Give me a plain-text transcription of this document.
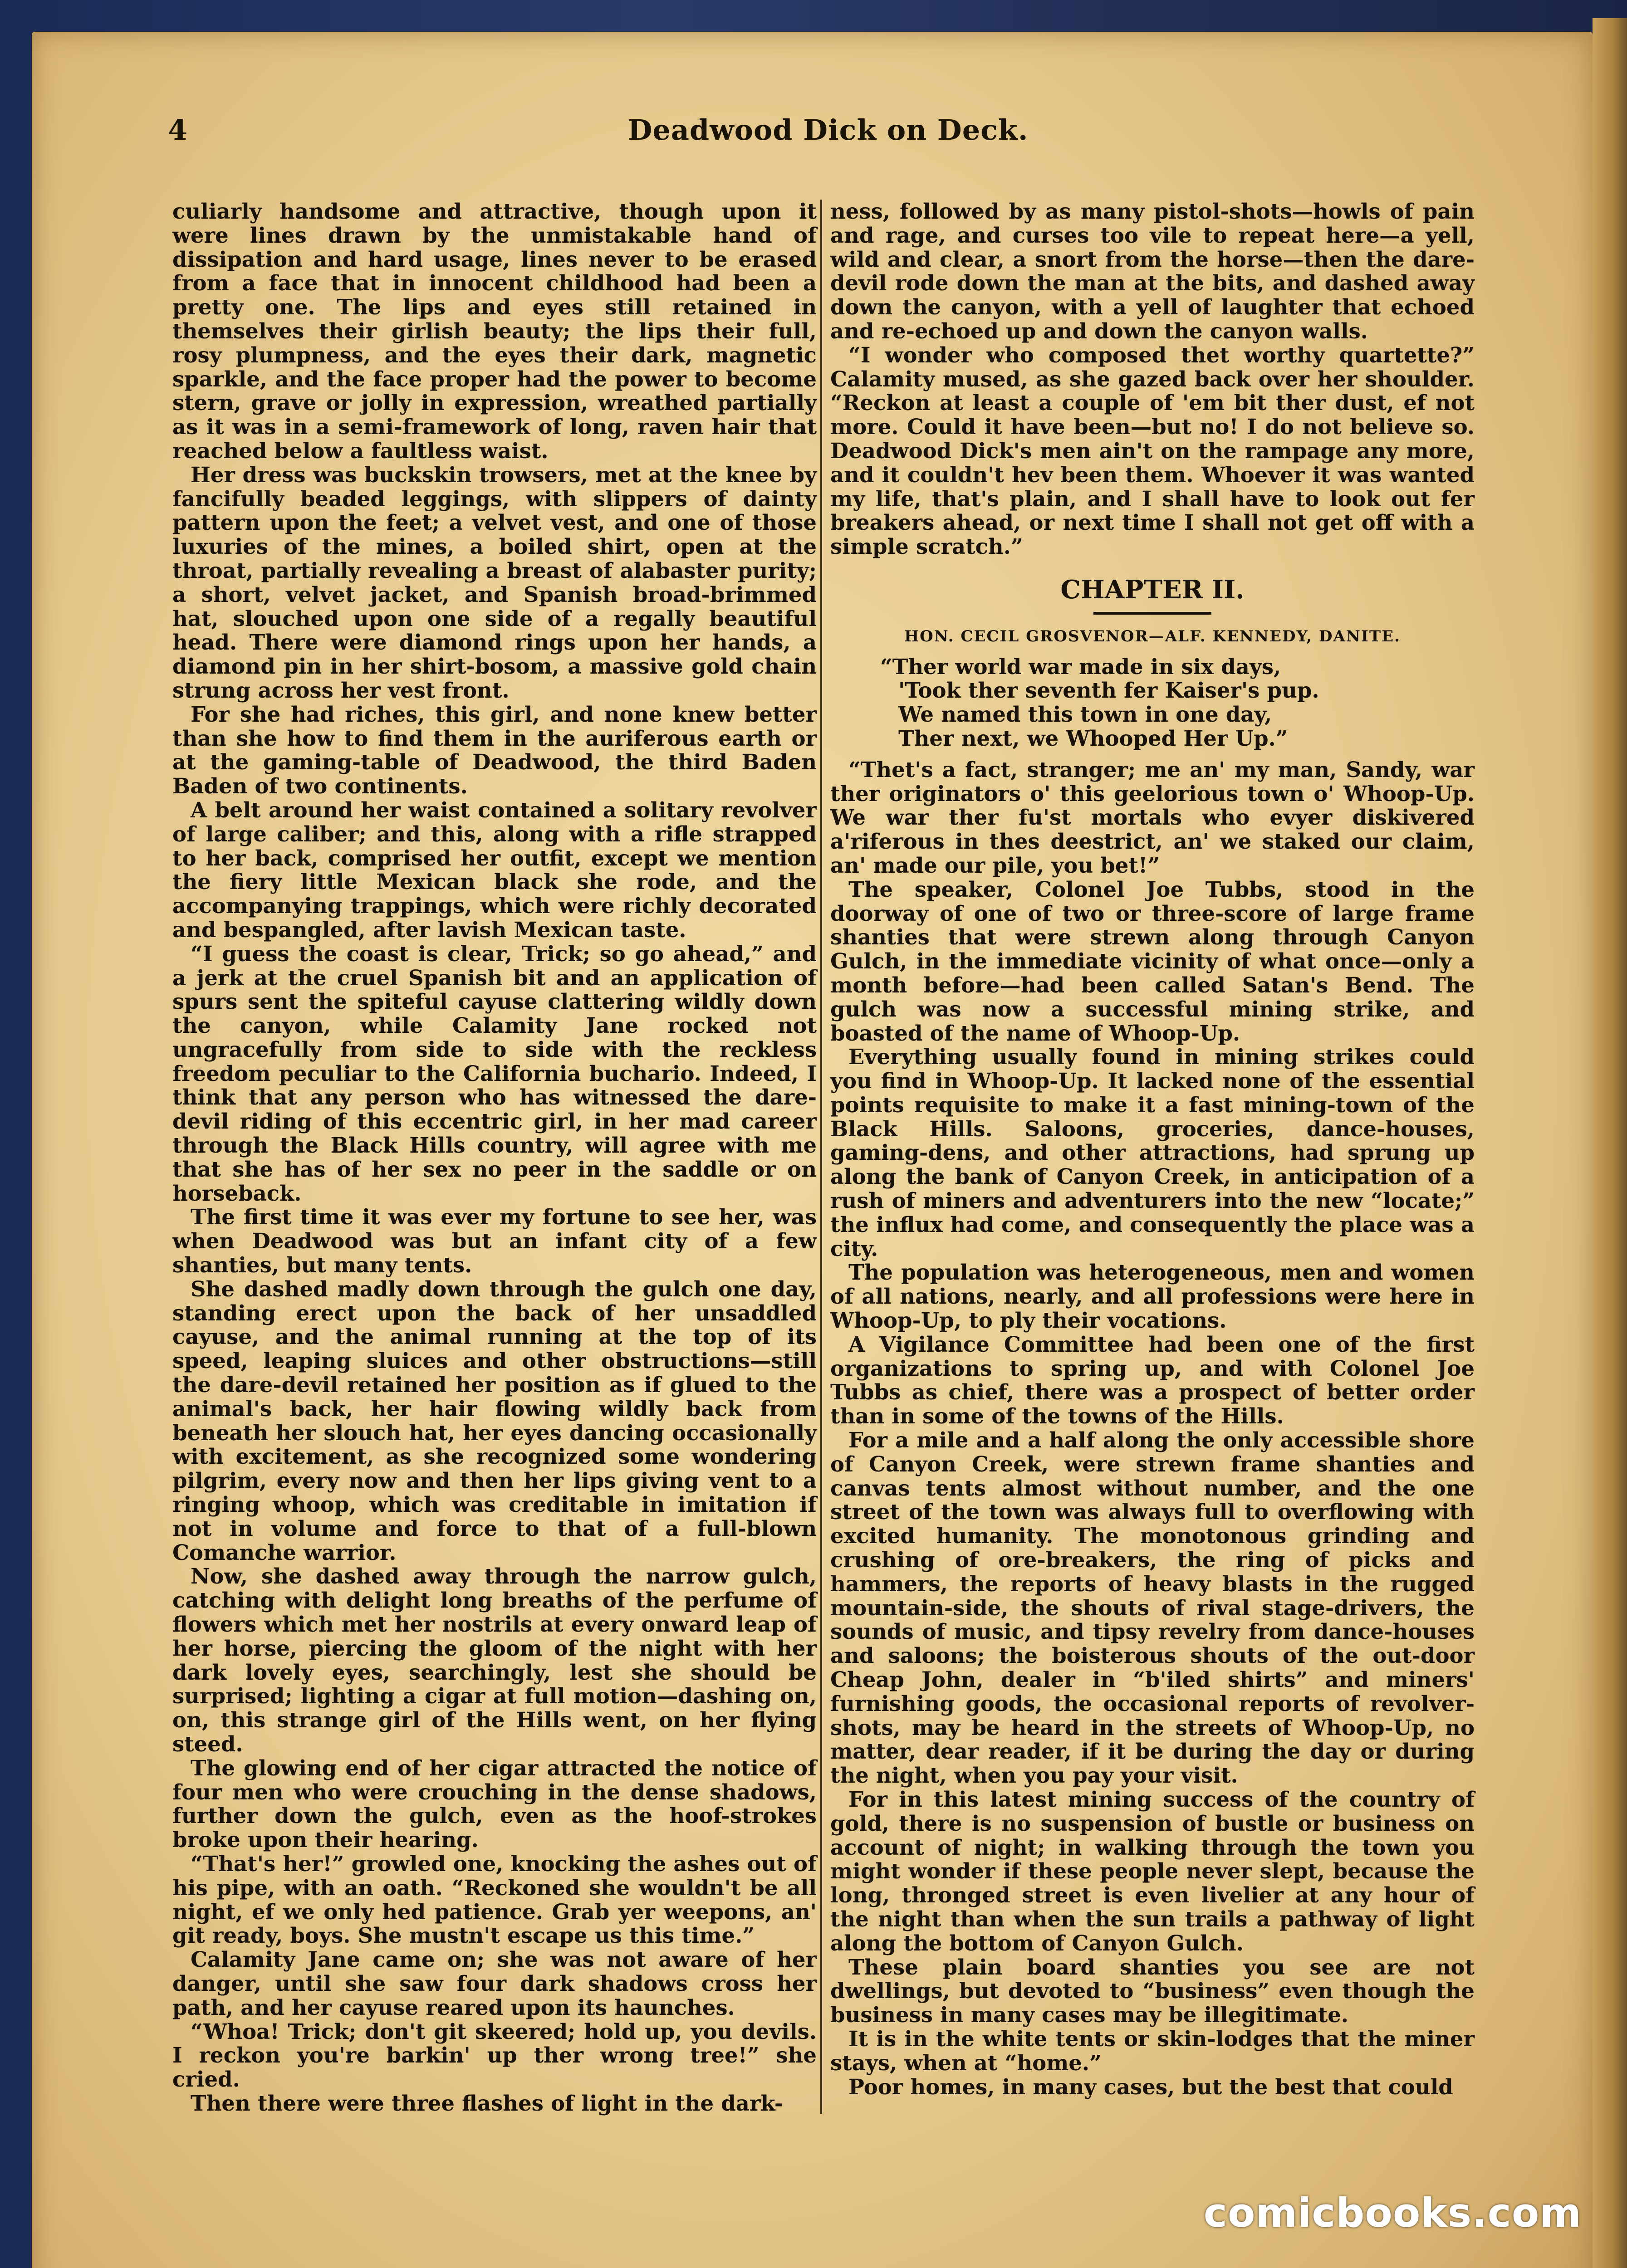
4	Deadwood Dick on Deck.

culiarly handsome and attractive, though upon it were lines drawn by the unmistakable hand of dissipation and hard usage, lines never to be erased from a face that in innocent childhood had been a pretty one. The lips and eyes still retained in themselves their girlish beauty; the lips their full, rosy plumpness, and the eyes their dark, magnetic sparkle, and the face proper had the power to become stern, grave or jolly in expression, wreathed partially as it was in a semi-framework of long, raven hair that reached below a faultless waist.

Her dress was buckskin trowsers, met at the knee by fancifully beaded leggings, with slippers of dainty pattern upon the feet; a velvet vest, and one of those luxuries of the mines, a boiled shirt, open at the throat, partially revealing a breast of alabaster purity; a short, velvet jacket, and Spanish broad-brimmed hat, slouched upon one side of a regally beautiful head. There were diamond rings upon her hands, a diamond pin in her shirt-bosom, a massive gold chain strung across her vest front.

For she had riches, this girl, and none knew better than she how to find them in the auriferous earth or at the gaming-table of Deadwood, the third Baden Baden of two continents.

A belt around her waist contained a solitary revolver of large caliber; and this, along with a rifle strapped to her back, comprised her outfit, except we mention the fiery little Mexican black she rode, and the accompanying trappings, which were richly decorated and bespangled, after lavish Mexican taste.

“I guess the coast is clear, Trick; so go ahead,” and a jerk at the cruel Spanish bit and an application of spurs sent the spiteful cayuse clattering wildly down the canyon, while Calamity Jane rocked not ungracefully from side to side with the reckless freedom peculiar to the California buchario. Indeed, I think that any person who has witnessed the dare-devil riding of this eccentric girl, in her mad career through the Black Hills country, will agree with me that she has of her sex no peer in the saddle or on horseback.

The first time it was ever my fortune to see her, was when Deadwood was but an infant city of a few shanties, but many tents.

She dashed madly down through the gulch one day, standing erect upon the back of her unsaddled cayuse, and the animal running at the top of its speed, leaping sluices and other obstructions—still the dare-devil retained her position as if glued to the animal's back, her hair flowing wildly back from beneath her slouch hat, her eyes dancing occasionally with excitement, as she recognized some wondering pilgrim, every now and then her lips giving vent to a ringing whoop, which was creditable in imitation if not in volume and force to that of a full-blown Comanche warrior.

Now, she dashed away through the narrow gulch, catching with delight long breaths of the perfume of flowers which met her nostrils at every onward leap of her horse, piercing the gloom of the night with her dark lovely eyes, searchingly, lest she should be surprised; lighting a cigar at full motion—dashing on, on, this strange girl of the Hills went, on her flying steed.

The glowing end of her cigar attracted the notice of four men who were crouching in the dense shadows, further down the gulch, even as the hoof-strokes broke upon their hearing.

“That's her!” growled one, knocking the ashes out of his pipe, with an oath. “Reckoned she wouldn't be all night, ef we only hed patience. Grab yer weepons, an' git ready, boys. She mustn't escape us this time.”

Calamity Jane came on; she was not aware of her danger, until she saw four dark shadows cross her path, and her cayuse reared upon its haunches.

“Whoa! Trick; don't git skeered; hold up, you devils. I reckon you're barkin' up ther wrong tree!” she cried.

Then there were three flashes of light in the dark-

ness, followed by as many pistol-shots—howls of pain and rage, and curses too vile to repeat here—a yell, wild and clear, a snort from the horse—then the dare-devil rode down the man at the bits, and dashed away down the canyon, with a yell of laughter that echoed and re-echoed up and down the canyon walls.

“I wonder who composed thet worthy quartette?” Calamity mused, as she gazed back over her shoulder. “Reckon at least a couple of 'em bit ther dust, ef not more. Could it have been—but no! I do not believe so. Deadwood Dick's men ain't on the rampage any more, and it couldn't hev been them. Whoever it was wanted my life, that's plain, and I shall have to look out fer breakers ahead, or next time I shall not get off with a simple scratch.”

CHAPTER II.
HON. CECIL GROSVENOR—ALF. KENNEDY, DANITE.
“Ther world war made in six days,
'Took ther seventh fer Kaiser's pup.
We named this town in one day,
Ther next, we Whooped Her Up.”

“Thet's a fact, stranger; me an' my man, Sandy, war ther originators o' this geelorious town o' Whoop-Up. We war ther fu'st mortals who evyer diskivered a'riferous in thes deestrict, an' we staked our claim, an' made our pile, you bet!”

The speaker, Colonel Joe Tubbs, stood in the doorway of one of two or three-score of large frame shanties that were strewn along through Canyon Gulch, in the immediate vicinity of what once—only a month before—had been called Satan's Bend. The gulch was now a successful mining strike, and boasted of the name of Whoop-Up.

Everything usually found in mining strikes could you find in Whoop-Up. It lacked none of the essential points requisite to make it a fast mining-town of the Black Hills. Saloons, groceries, dance-houses, gaming-dens, and other attractions, had sprung up along the bank of Canyon Creek, in anticipation of a rush of miners and adventurers into the new “locate;” the influx had come, and consequently the place was a city.

The population was heterogeneous, men and women of all nations, nearly, and all professions were here in Whoop-Up, to ply their vocations.

A Vigilance Committee had been one of the first organizations to spring up, and with Colonel Joe Tubbs as chief, there was a prospect of better order than in some of the towns of the Hills.

For a mile and a half along the only accessible shore of Canyon Creek, were strewn frame shanties and canvas tents almost without number, and the one street of the town was always full to overflowing with excited humanity. The monotonous grinding and crushing of ore-breakers, the ring of picks and hammers, the reports of heavy blasts in the rugged mountain-side, the shouts of rival stage-drivers, the sounds of music, and tipsy revelry from dance-houses and saloons; the boisterous shouts of the out-door Cheap John, dealer in “b'iled shirts” and miners' furnishing goods, the occasional reports of revolver-shots, may be heard in the streets of Whoop-Up, no matter, dear reader, if it be during the day or during the night, when you pay your visit.

For in this latest mining success of the country of gold, there is no suspension of bustle or business on account of night; in walking through the town you might wonder if these people never slept, because the long, thronged street is even livelier at any hour of the night than when the sun trails a pathway of light along the bottom of Canyon Gulch.

These plain board shanties you see are not dwellings, but devoted to “business” even though the business in many cases may be illegitimate.

It is in the white tents or skin-lodges that the miner stays, when at “home.”

Poor homes, in many cases, but the best that could

comicbooks.com
